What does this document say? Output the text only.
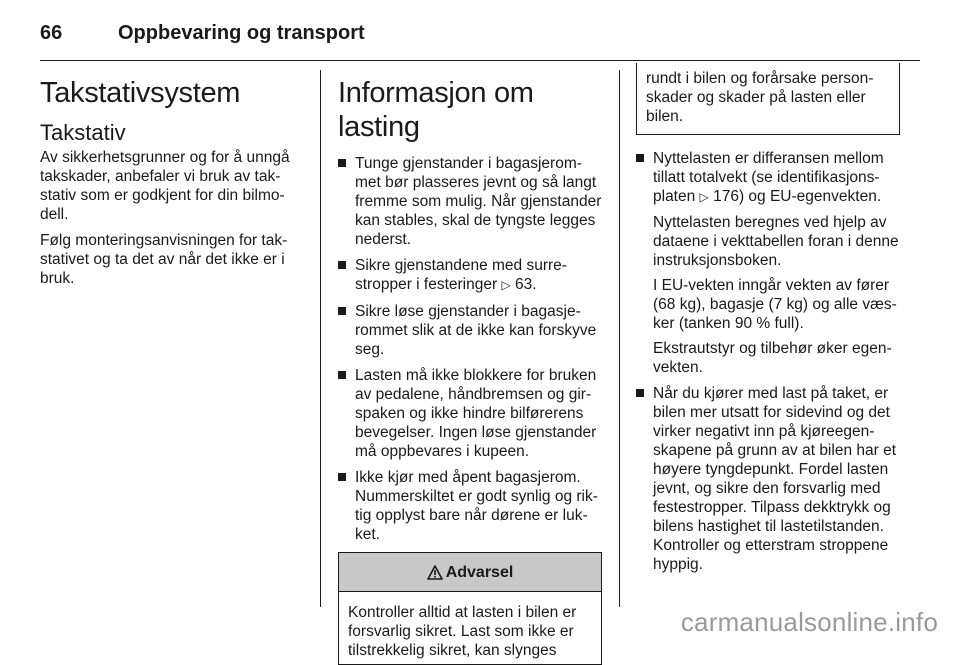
66	Oppbevaring og transport
Takstativsystem
Takstativ

Av sikkerhetsgrunner og for å unngå takskader, anbefaler vi bruk av takstativ som er godkjent for din bilmodell.

Følg monteringsanvisningen for takstativet og ta det av når det ikke er i bruk.

Informasjon om lasting
Tunge gjenstander i bagasjerommet bør plasseres jevnt og så langt fremme som mulig. Når gjenstander kan stables, skal de tyngste legges nederst.
Sikre gjenstandene med surrestropper i festeringer ▷ 63.
Sikre løse gjenstander i bagasjerommet slik at de ikke kan forskyve seg.
Lasten må ikke blokkere for bruken av pedalene, håndbremsen og girspaken og ikke hindre bilførerens bevegelser. Ingen løse gjenstander må oppbevares i kupeen.
Ikke kjør med åpent bagasjerom. Nummerskiltet er godt synlig og riktig opplyst bare når dørene er lukket.
Advarsel
Kontroller alltid at lasten i bilen er forsvarlig sikret. Last som ikke er tilstrekkelig sikret, kan slynges
rundt i bilen og forårsake personskader og skader på lasten eller bilen.

Nyttelasten er differansen mellom tillatt totalvekt (se identifikasjonsplaten ▷ 176) og EU-egenvekten.

Nyttelasten beregnes ved hjelp av dataene i vekttabellen foran i denne instruksjonsboken.

I EU-vekten inngår vekten av fører (68 kg), bagasje (7 kg) og alle væsker (tanken 90 % full).

Ekstrautstyr og tilbehør øker egenvekten.

Når du kjører med last på taket, er bilen mer utsatt for sidevind og det virker negativt inn på kjøreegenskapene på grunn av at bilen har et høyere tyngdepunkt. Fordel lasten jevnt, og sikre den forsvarlig med festestropper. Tilpass dekktrykk og bilens hastighet til lastetilstanden. Kontroller og etterstram stroppene hyppig.
carmanualsonline.info
